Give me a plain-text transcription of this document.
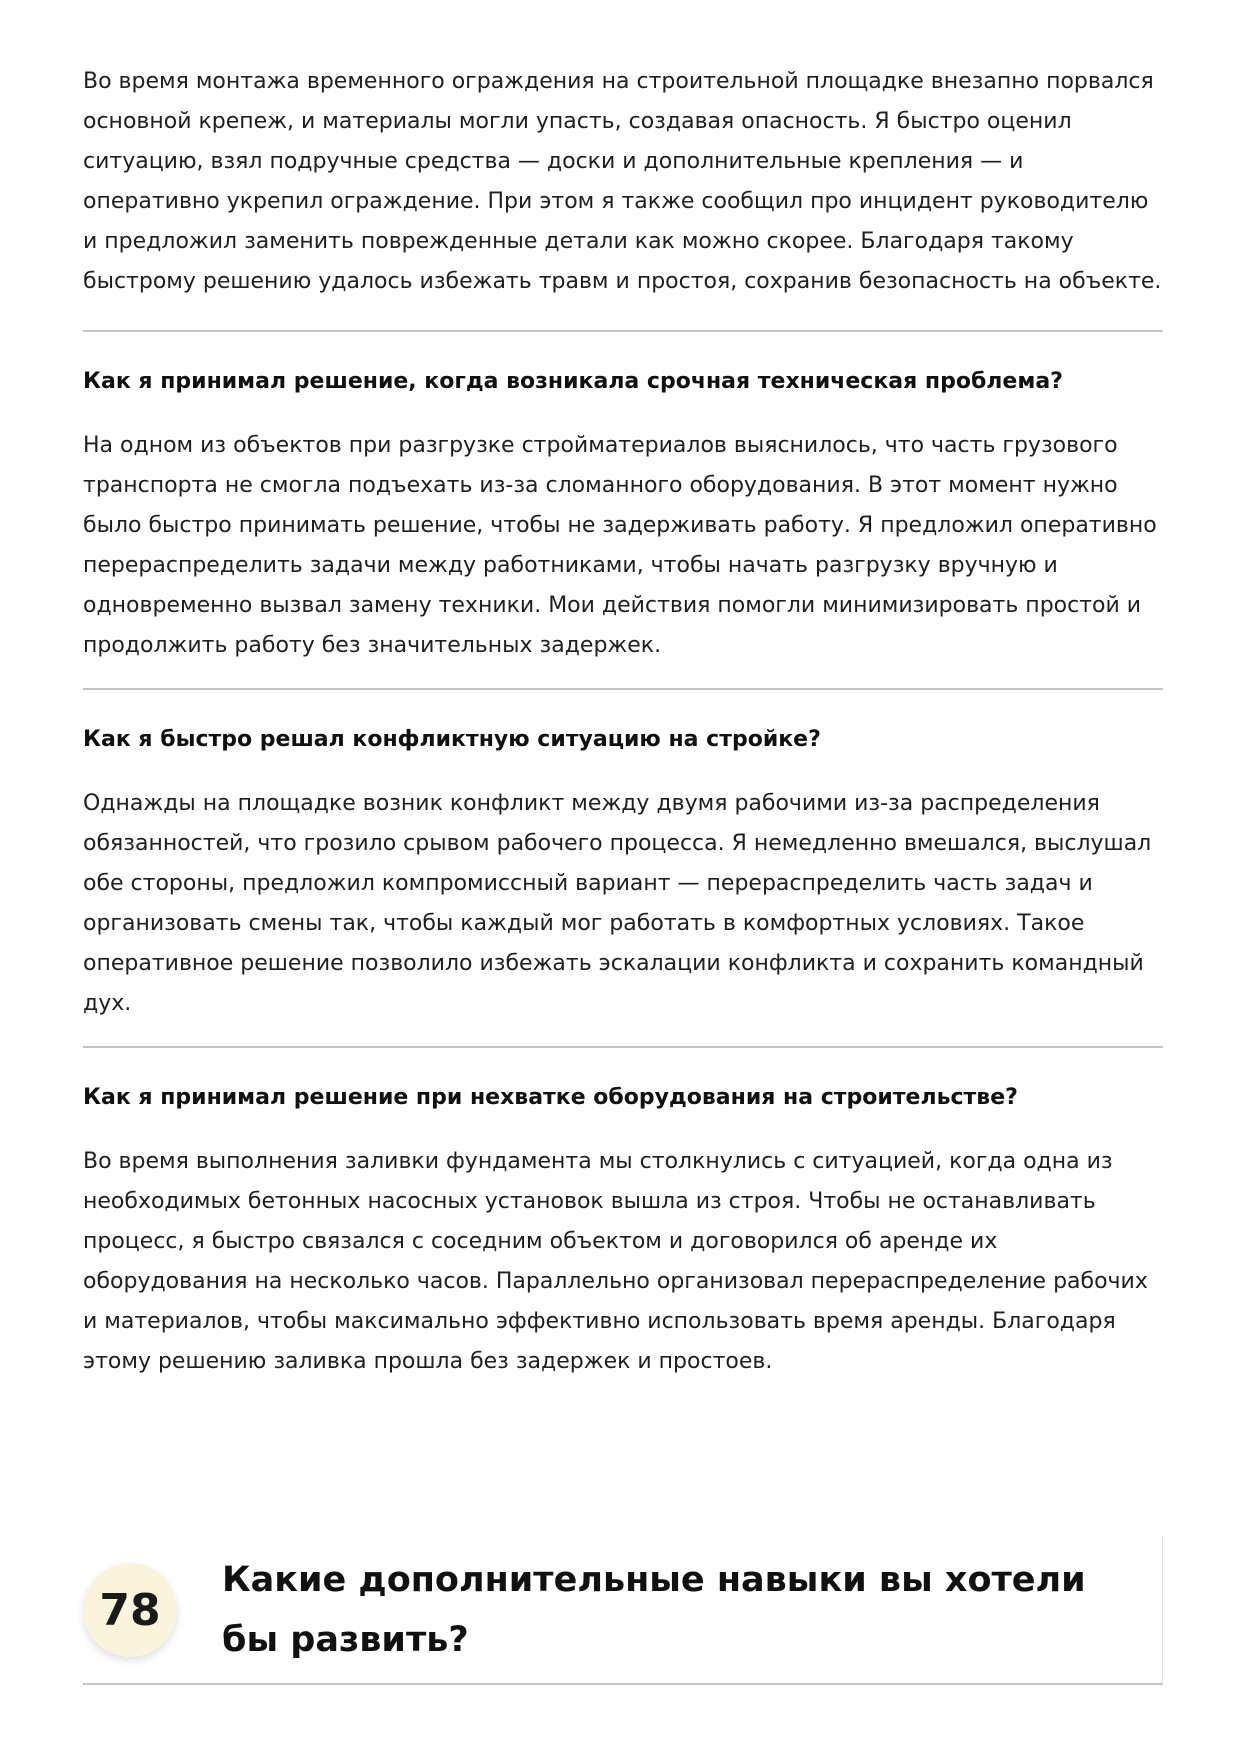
Во время монтажа временного ограждения на строительной площадке внезапно порвался основной крепеж, и материалы могли упасть, создавая опасность. Я быстро оценил ситуацию, взял подручные средства — доски и дополнительные крепления — и оперативно укрепил ограждение. При этом я также сообщил про инцидент руководителю и предложил заменить поврежденные детали как можно скорее. Благодаря такому быстрому решению удалось избежать травм и простоя, сохранив безопасность на объекте.

Как я принимал решение, когда возникала срочная техническая проблема?

На одном из объектов при разгрузке стройматериалов выяснилось, что часть грузового транспорта не смогла подъехать из-за сломанного оборудования. В этот момент нужно было быстро принимать решение, чтобы не задерживать работу. Я предложил оперативно перераспределить задачи между работниками, чтобы начать разгрузку вручную и одновременно вызвал замену техники. Мои действия помогли минимизировать простой и продолжить работу без значительных задержек.

Как я быстро решал конфликтную ситуацию на стройке?

Однажды на площадке возник конфликт между двумя рабочими из-за распределения обязанностей, что грозило срывом рабочего процесса. Я немедленно вмешался, выслушал обе стороны, предложил компромиссный вариант — перераспределить часть задач и организовать смены так, чтобы каждый мог работать в комфортных условиях. Такое оперативное решение позволило избежать эскалации конфликта и сохранить командный дух.

Как я принимал решение при нехватке оборудования на строительстве?

Во время выполнения заливки фундамента мы столкнулись с ситуацией, когда одна из необходимых бетонных насосных установок вышла из строя. Чтобы не останавливать процесс, я быстро связался с соседним объектом и договорился об аренде их оборудования на несколько часов. Параллельно организовал перераспределение рабочих и материалов, чтобы максимально эффективно использовать время аренды. Благодаря этому решению заливка прошла без задержек и простоев.

78
Какие дополнительные навыки вы хотели бы развить?
